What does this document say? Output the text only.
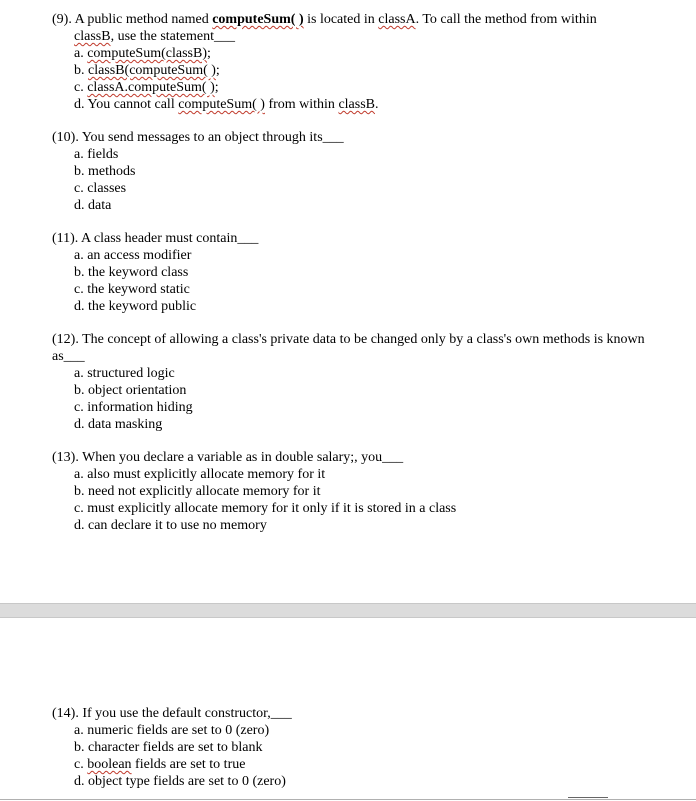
(9). A public method named computeSum( ) is located in classA. To call the method from within
classB, use the statement___

a. computeSum(classB);
b. classB(computeSum( );
c. classA.computeSum( );
d. You cannot call computeSum( ) from within classB.

(10). You send messages to an object through its___

a. fields
b. methods
c. classes
d. data

(11). A class header must contain___

a. an access modifier
b. the keyword class
c. the keyword static
d. the keyword public

(12). The concept of allowing a class's private data to be changed only by a class's own methods is known as___

a. structured logic
b. object orientation
c. information hiding
d. data masking

(13). When you declare a variable as in double salary;, you___

a. also must explicitly allocate memory for it
b. need not explicitly allocate memory for it
c. must explicitly allocate memory for it only if it is stored in a class
d. can declare it to use no memory

(14). If you use the default constructor,___

a. numeric fields are set to 0 (zero)
b. character fields are set to blank
c. boolean fields are set to true
d. object type fields are set to 0 (zero)
